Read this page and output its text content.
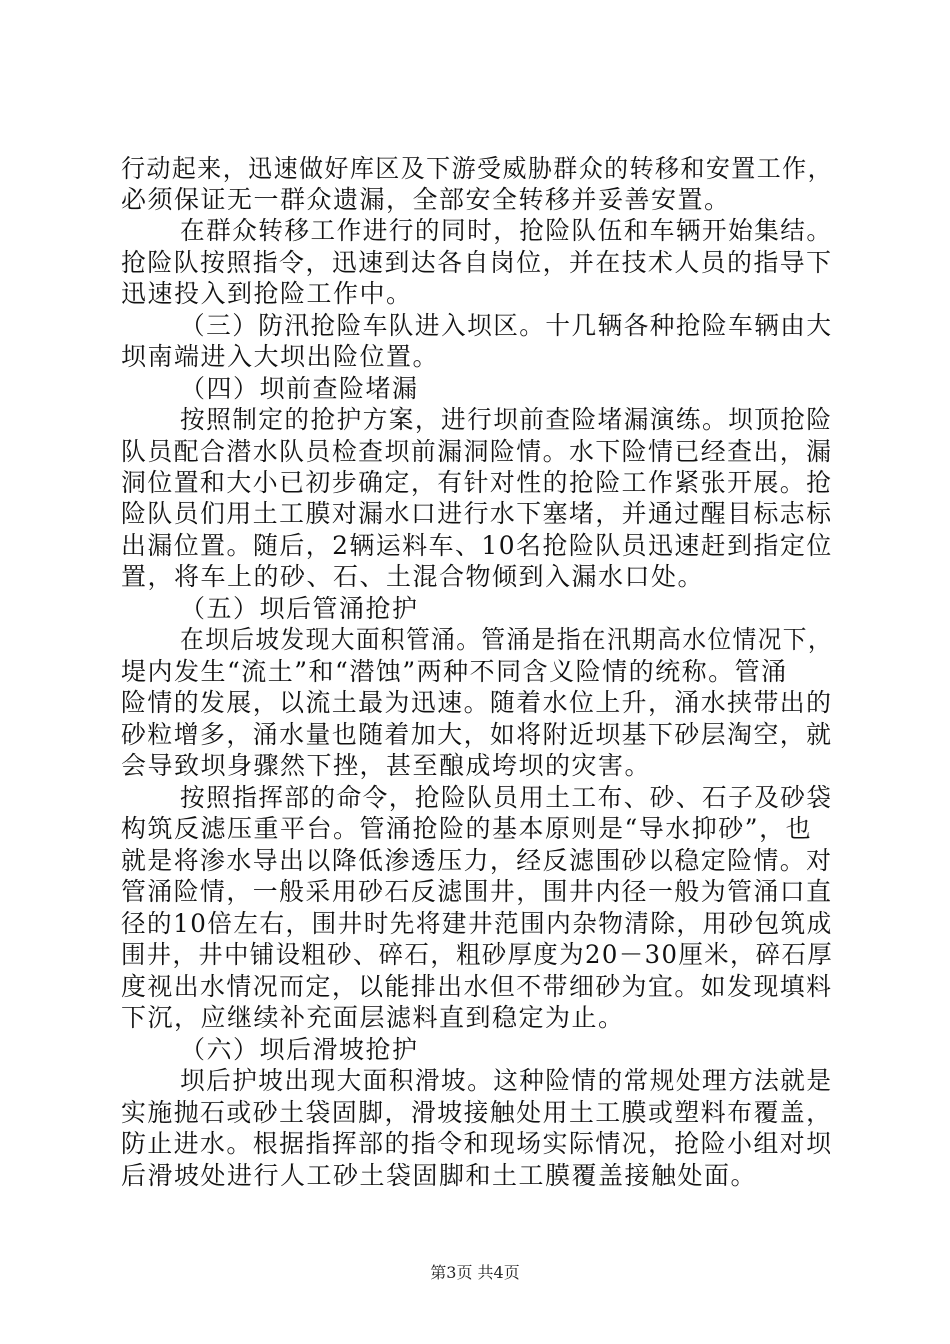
行动起来，迅速做好库区及下游受威胁群众的转移和安置工作，
必须保证无一群众遗漏，全部安全转移并妥善安置。
在群众转移工作进行的同时，抢险队伍和车辆开始集结。
抢险队按照指令，迅速到达各自岗位，并在技术人员的指导下
迅速投入到抢险工作中。
（三）防汛抢险车队进入坝区。十几辆各种抢险车辆由大
坝南端进入大坝出险位置。
（四）坝前查险堵漏
按照制定的抢护方案，进行坝前查险堵漏演练。坝顶抢险
队员配合潜水队员检查坝前漏洞险情。水下险情已经查出，漏
洞位置和大小已初步确定，有针对性的抢险工作紧张开展。抢
险队员们用土工膜对漏水口进行水下塞堵，并通过醒目标志标
出漏位置。随后，2辆运料车、10名抢险队员迅速赶到指定位
置，将车上的砂、石、土混合物倾到入漏水口处。
（五）坝后管涌抢护
在坝后坡发现大面积管涌。管涌是指在汛期高水位情况下，
堤内发生“流土”和“潜蚀”两种不同含义险情的统称。管涌
险情的发展，以流土最为迅速。随着水位上升，涌水挟带出的
砂粒增多，涌水量也随着加大，如将附近坝基下砂层淘空，就
会导致坝身骤然下挫，甚至酿成垮坝的灾害。
按照指挥部的命令，抢险队员用土工布、砂、石子及砂袋
构筑反滤压重平台。管涌抢险的基本原则是“导水抑砂”，也
就是将渗水导出以降低渗透压力，经反滤围砂以稳定险情。对
管涌险情，一般采用砂石反滤围井，围井内径一般为管涌口直
径的10倍左右，围井时先将建井范围内杂物清除，用砂包筑成
围井，井中铺设粗砂、碎石，粗砂厚度为20－30厘米，碎石厚
度视出水情况而定，以能排出水但不带细砂为宜。如发现填料
下沉，应继续补充面层滤料直到稳定为止。
（六）坝后滑坡抢护
坝后护坡出现大面积滑坡。这种险情的常规处理方法就是
实施抛石或砂土袋固脚，滑坡接触处用土工膜或塑料布覆盖，
防止进水。根据指挥部的指令和现场实际情况，抢险小组对坝
后滑坡处进行人工砂土袋固脚和土工膜覆盖接触处面。
第3页 共4页
